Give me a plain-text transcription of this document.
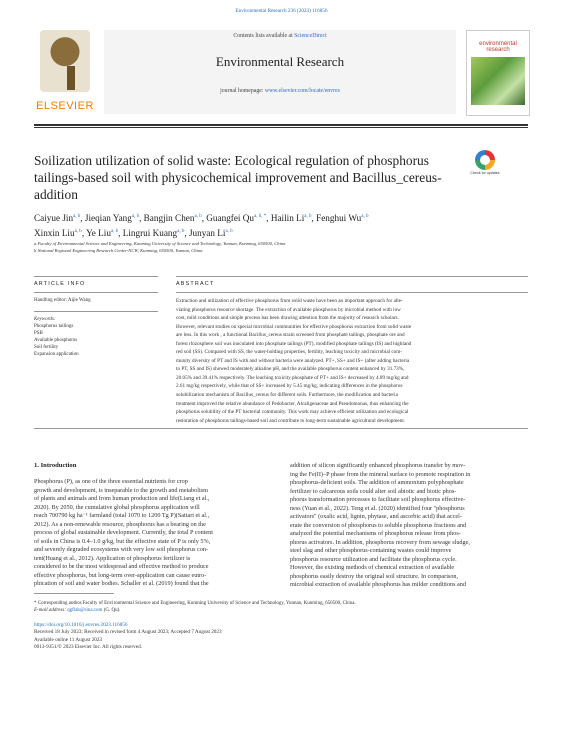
Environmental Research 236 (2023) 116856
ELSEVIER
Contents lists available at ScienceDirect
Environmental Research
journal homepage: www.elsevier.com/locate/envres
environmental research
Soilization utilization of solid waste: Ecological regulation of phosphorus tailings-based soil with physicochemical improvement and Bacillus_cereus-addition
Check for updates
Caiyue Jin$^{a, b}$, Jieqian Yang$^{a, b}$, Bangjin Chen$^{a, b}$, Guangfei $Qu^{a, b, *}$, Hailin Li$^{a, b}$, Fenghui Wu$^{a, b}$
Xinxin Liu$^{a, b}$, Ye Liu$^{a, b}$, Lingrui Kuang$^{a, b}$, Junyan Li$^{a, b}$
a Faculty of Environmental Science and Engineering, Kunming University of Science and Technology, Yunnan, Kunming, 650500, China
b National Regional Engineering Research Center-NCW, Kunming, 650500, Yunnan, China
ARTICLE INFO
Handling editor: Aijie Wang
Keywords:
Phosphorus tailings
PSB
Available phosphorus
Soil fertility
Expansion application
ABSTRACT
Extraction and utilization of effective phosphorus from solid waste have been an important approach for alle-
viating phosphorus resource shortage. The extraction of available phosphorus by microbial method with low
cost, mild conditions and simple process has been drawing attention from the majority of research scholars.
However, relevant studies on special microbial communities for effective phosphorus extraction from solid waste
are less. In this work , a functional Bacillus_cereus strain screened from phosphate tailings, phosphate ore and
forest rhizosphere soil was inoculated into phosphate tailings (PT), modified phosphate tailings (IS) and highland
red soil (SS). Compared with SS, the water-holding properties, fertility, leaching toxicity and microbial com-
munity diversity of PT and IS with and without bacteria were analyzed. PT+, SS+ and IS+ (after adding bacteria
to PT, SS and IS) showed moderately alkaline pH, and the available phosphorus content enhanced by 31.73%,
20.05% and 39.41% respectively. The leaching toxicity phosphate of PT+ and IS+ decreased by 4.89 mg/kg and
2.61 mg/kg respectively, while that of SS+ increased by 5.45 mg/kg, indicating differences in the phosphorus
solubilization mechanism of Bacillus_cereus for different soils. Furthermore, the modification and bacteria
treatment improved the relative abundance of Pedobacter, Alcaligenaceae and Pseudomonas, thus enhancing the
phosphorus solubility of the PT bacterial community. This work may achieve efficient utilization and ecological
restoration of phosphorus tailings-based soil and contribute to long-term sustainable agricultural development.
1. Introduction
Phosphorus (P), as one of the three essential nutrients for crop
growth and development, is inseparable to the growth and metabolism
of plants and animals and from human production and life(Liang et al.,
2020). By 2050, the cumulative global phosphorus application will
reach 700790 kg ha⁻¹ farmland (total 1070 to 1200 Tg P)(Sattari et al.,
2012). As a non-renewable resource, phosphorus has a bearing on the
process of global sustainable development. Currently, the total P content
of soils in China is 0.4–1.0 g/kg, but the effective state of P is only 5%,
and severely degraded ecosystems with very low soil phosphorus con-
tent(Huang et al., 2012). Application of phosphorus fertilizer is
considered to be the most widespread and effective method to produce
effective phosphorus, but long-term over-application can cause eutro-
phication of soil and water bodies. Schaller et al. (2019) found that the
addition of silicon significantly enhanced phosphorus transfer by mov-
ing the Fe(II)–P phase from the mineral surface to promote respiration in
phosphorus-deficient soils. The addition of ammonium polyphosphate
fertilizer to calcareous soils could alter soil abiotic and biotic phos-
phorus transformation processes to facilitate soil phosphorus effective-
ness (Yuan et al., 2022). Teng et al. (2020) identified four "phosphorus
activators" (oxalic acid, lignin, phytase, and ascorbic acid) that accel-
erate the conversion of phosphorus to soluble phosphorus fractions and
analyzed the potential mechanisms of phosphorus release from phos-
phorus activators. In addition, phosphorus recovery from sewage sludge,
steel slag and other phosphorus-containing wastes could improve
phosphorus resource utilization and facilitate the phosphorus cycle.
However, the existing methods of chemical extraction of available
phosphorus easily destroy the original soil structure. In comparison,
microbial extraction of available phosphorus has milder conditions and
* Corresponding author.Faculty of Environmental Science and Engineering, Kunming University of Science and Technology, Yunnan, Kunming, 650500, China.
E-mail address: qgflab@sina.com (G. Qu).
https://doi.org/10.1016/j.envres.2023.116856
Received 18 July 2023; Received in revised form 4 August 2023; Accepted 7 August 2023
Available online 11 August 2023
0013-9351/© 2023 Elsevier Inc. All rights reserved.
